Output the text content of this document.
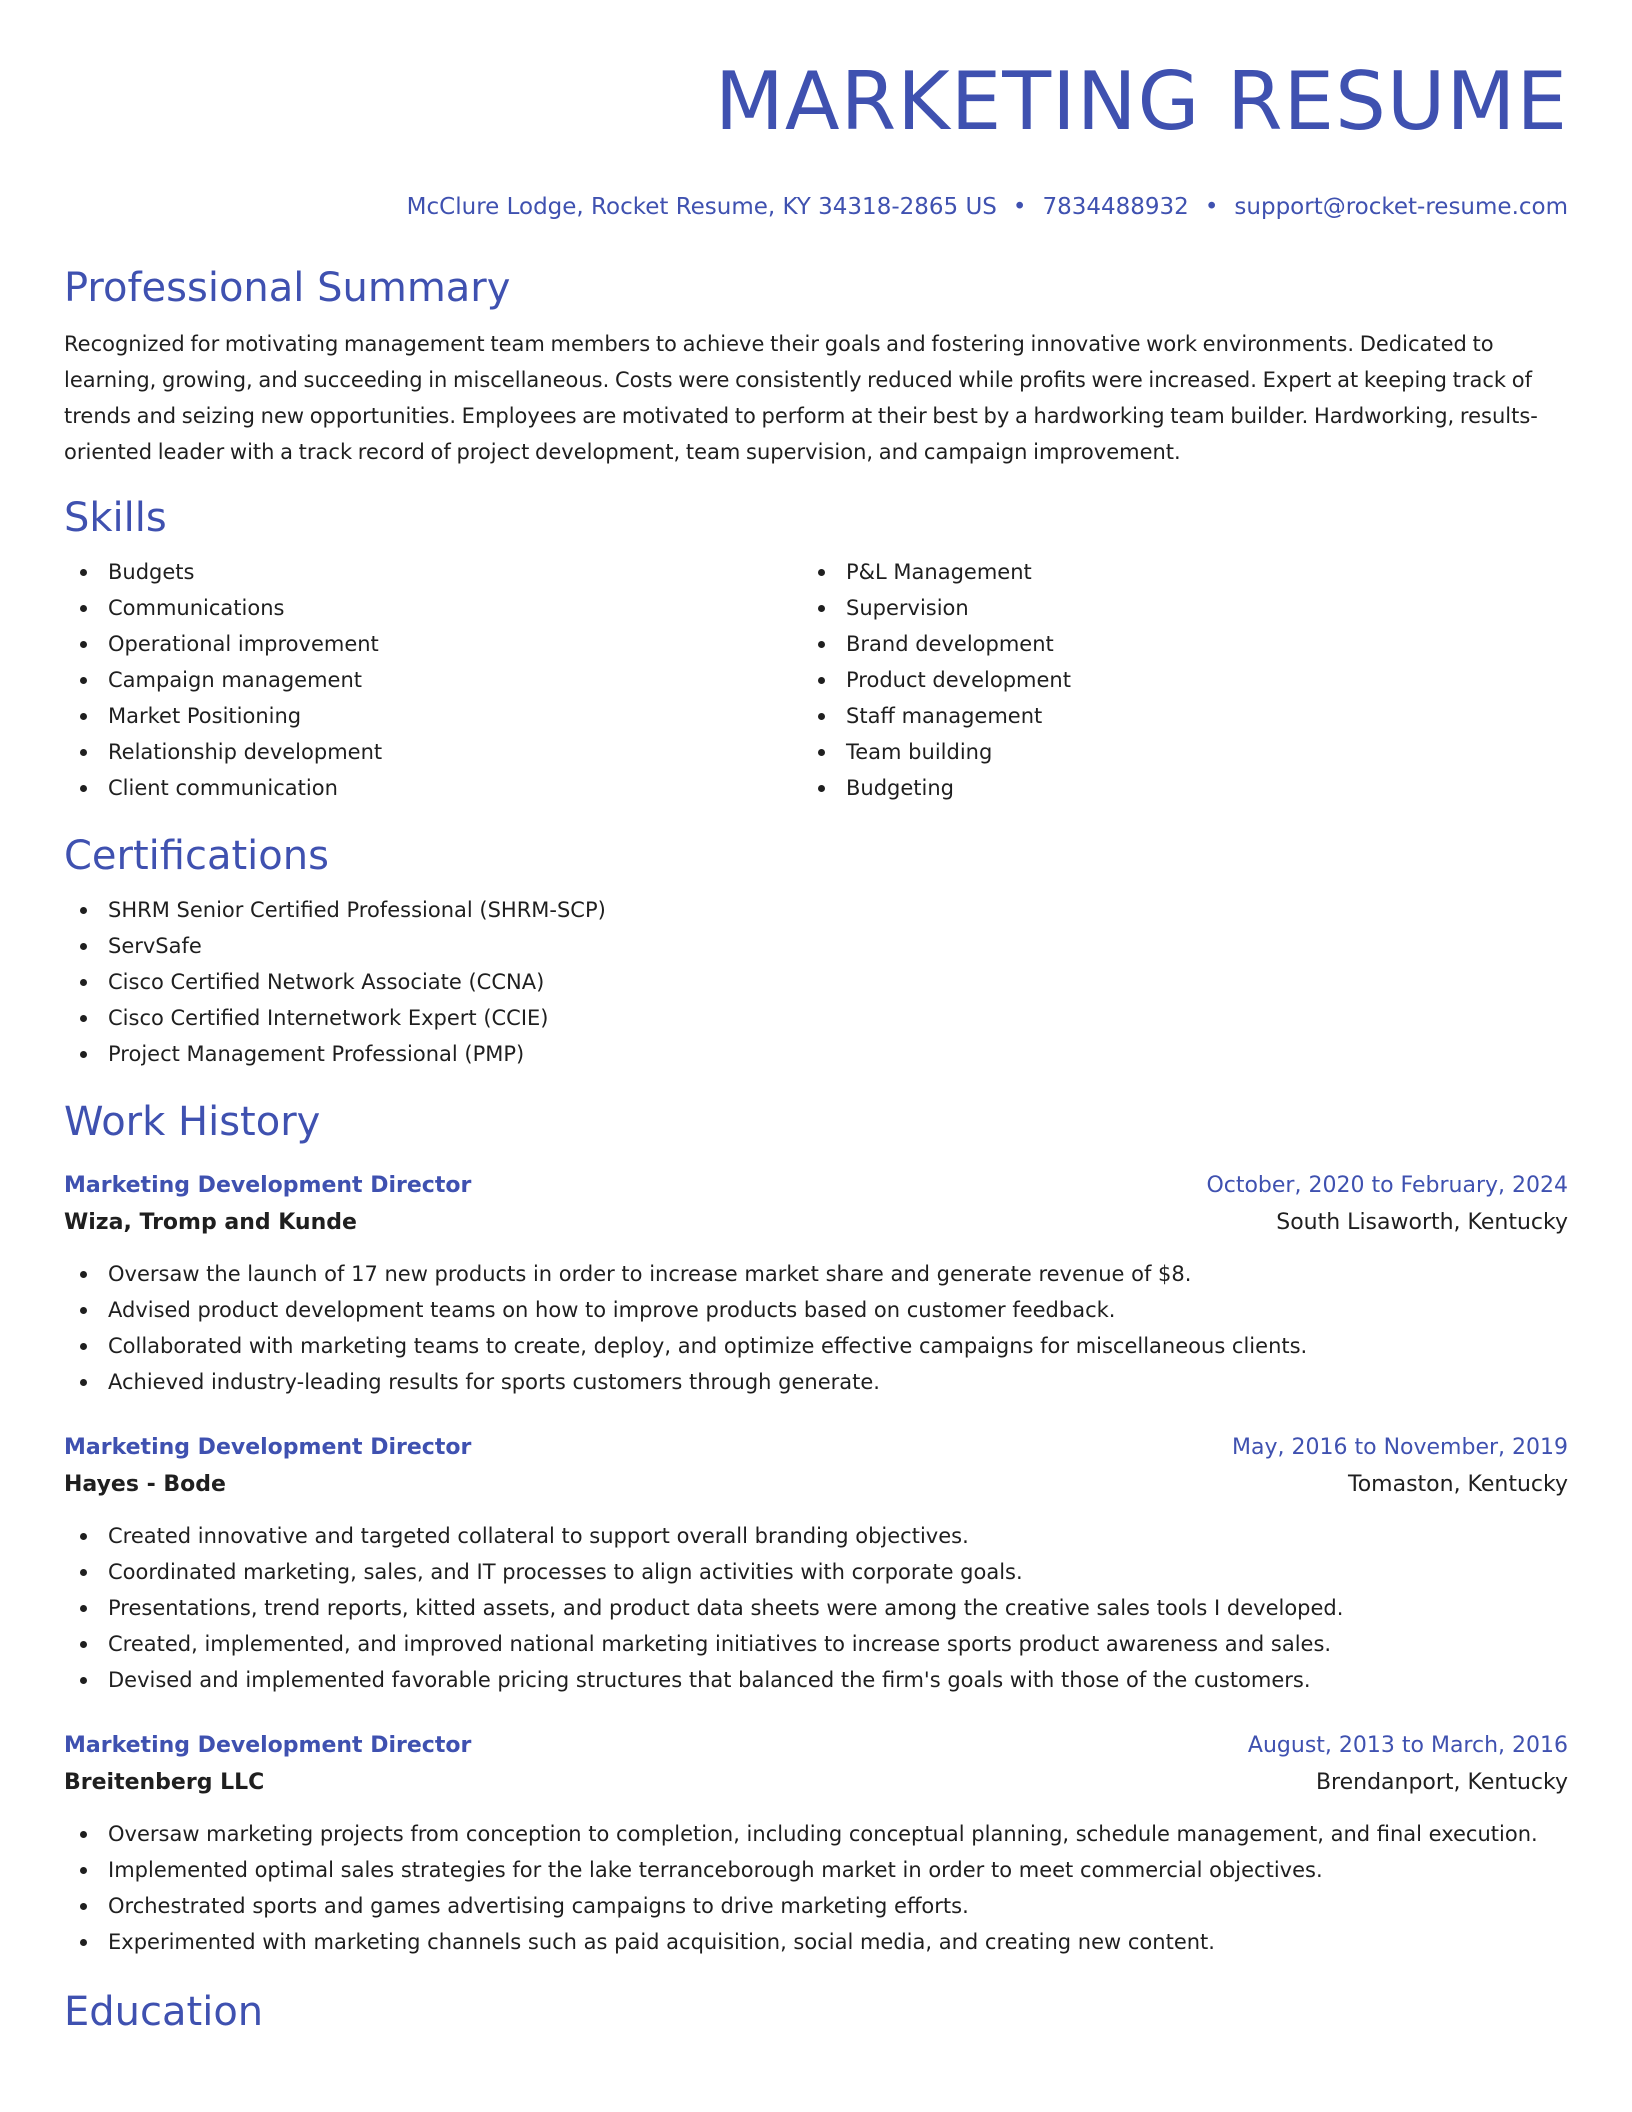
MARKETING RESUME
McClure Lodge, Rocket Resume, KY 34318-2865 US • 7834488932 • support@rocket-resume.com
Professional Summary

Recognized for motivating management team members to achieve their goals and fostering innovative work environments. Dedicated to learning, growing, and succeeding in miscellaneous. Costs were consistently reduced while profits were increased. Expert at keeping track of trends and seizing new opportunities. Employees are motivated to perform at their best by a hardworking team builder. Hardworking, results-oriented leader with a track record of project development, team supervision, and campaign improvement.

Skills
Budgets
Communications
Operational improvement
Campaign management
Market Positioning
Relationship development
Client communication
P&L Management
Supervision
Brand development
Product development
Staff management
Team building
Budgeting
Certifications
SHRM Senior Certified Professional (SHRM-SCP)
ServSafe
Cisco Certified Network Associate (CCNA)
Cisco Certified Internetwork Expert (CCIE)
Project Management Professional (PMP)
Work History
Marketing Development Director	October, 2020 to February, 2024
Wiza, Tromp and Kunde	South Lisaworth, Kentucky
Oversaw the launch of 17 new products in order to increase market share and generate revenue of $8.
Advised product development teams on how to improve products based on customer feedback.
Collaborated with marketing teams to create, deploy, and optimize effective campaigns for miscellaneous clients.
Achieved industry-leading results for sports customers through generate.
Marketing Development Director	May, 2016 to November, 2019
Hayes - Bode	Tomaston, Kentucky
Created innovative and targeted collateral to support overall branding objectives.
Coordinated marketing, sales, and IT processes to align activities with corporate goals.
Presentations, trend reports, kitted assets, and product data sheets were among the creative sales tools I developed.
Created, implemented, and improved national marketing initiatives to increase sports product awareness and sales.
Devised and implemented favorable pricing structures that balanced the firm's goals with those of the customers.
Marketing Development Director	August, 2013 to March, 2016
Breitenberg LLC	Brendanport, Kentucky
Oversaw marketing projects from conception to completion, including conceptual planning, schedule management, and final execution.
Implemented optimal sales strategies for the lake terranceborough market in order to meet commercial objectives.
Orchestrated sports and games advertising campaigns to drive marketing efforts.
Experimented with marketing channels such as paid acquisition, social media, and creating new content.
Education
